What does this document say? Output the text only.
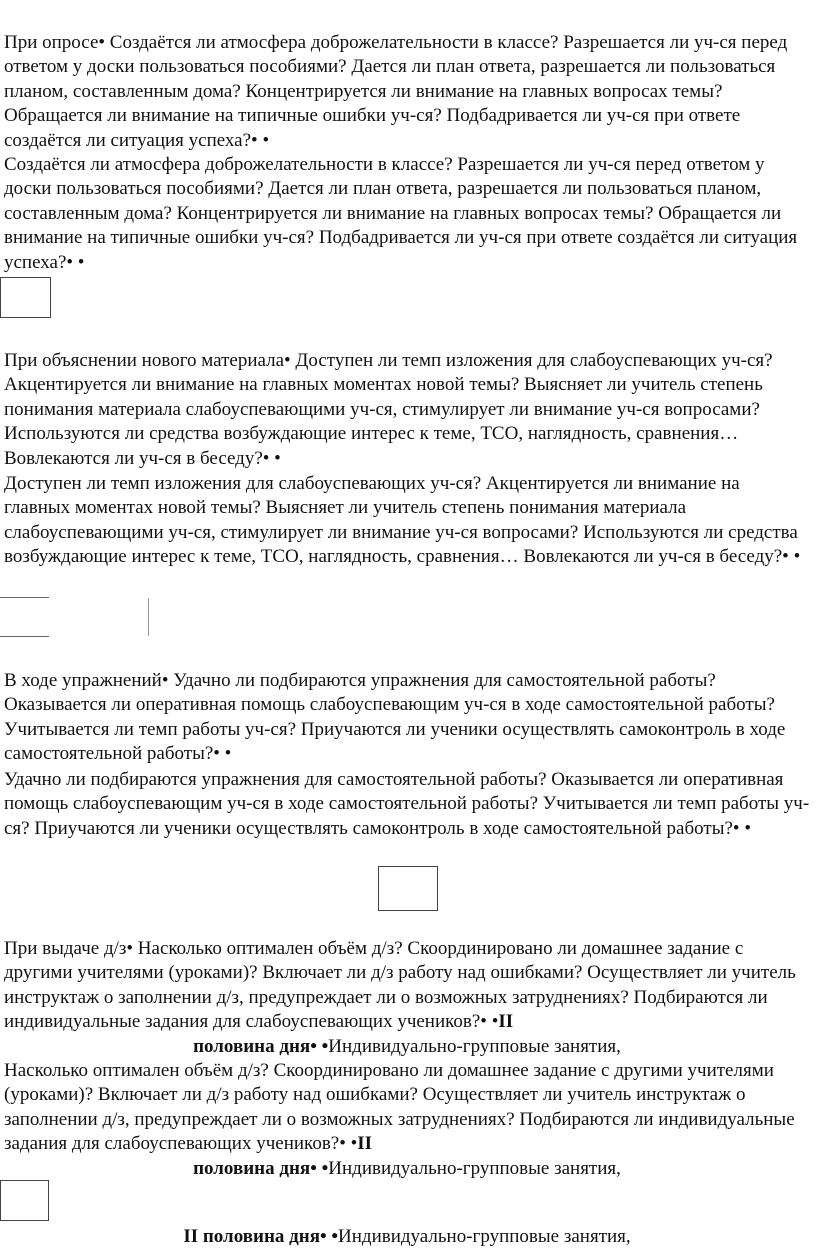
При опросе• Создаётся ли атмосфера доброжелательности в классе? Разрешается ли уч-ся перед ответом у доски пользоваться пособиями? Дается ли план ответа, разрешается ли пользоваться планом, составленным дома? Концентрируется ли внимание на главных вопросах темы? Обращается ли внимание на типичные ошибки уч-ся? Подбадривается ли уч-ся при ответе создаётся ли ситуация успеха?• •

Создаётся ли атмосфера доброжелательности в классе? Разрешается ли уч-ся перед ответом у доски пользоваться пособиями? Дается ли план ответа, разрешается ли пользоваться планом, составленным дома? Концентрируется ли внимание на главных вопросах темы? Обращается ли внимание на типичные ошибки уч-ся? Подбадривается ли уч-ся при ответе создаётся ли ситуация успеха?• •

При объяснении нового материала• Доступен ли темп изложения для слабоуспевающих уч-ся? Акцентируется ли внимание на главных моментах новой темы? Выясняет ли учитель степень понимания материала слабоуспевающими уч-ся, стимулирует ли внимание уч-ся вопросами? Используются ли средства возбуждающие интерес к теме, ТСО, наглядность, сравнения… Вовлекаются ли уч-ся в беседу?• •

Доступен ли темп изложения для слабоуспевающих уч-ся? Акцентируется ли внимание на главных моментах новой темы? Выясняет ли учитель степень понимания материала слабоуспевающими уч-ся, стимулирует ли внимание уч-ся вопросами? Используются ли средства возбуждающие интерес к теме, ТСО, наглядность, сравнения… Вовлекаются ли уч-ся в беседу?• •

В ходе упражнений• Удачно ли подбираются упражнения для самостоятельной работы? Оказывается ли оперативная помощь слабоуспевающим уч-ся в ходе самостоятельной работы? Учитывается ли темп работы уч-ся? Приучаются ли ученики осуществлять самоконтроль в ходе самостоятельной работы?• •

Удачно ли подбираются упражнения для самостоятельной работы? Оказывается ли оперативная помощь слабоуспевающим уч-ся в ходе самостоятельной работы? Учитывается ли темп работы уч-ся? Приучаются ли ученики осуществлять самоконтроль в ходе самостоятельной работы?• •

При выдаче д/з• Насколько оптимален объём д/з? Скоординировано ли домашнее задание с другими учителями (уроками)? Включает ли д/з работу над ошибками? Осуществляет ли учитель инструктаж о заполнении д/з, предупреждает ли о возможных затруднениях? Подбираются ли индивидуальные задания для слабоуспевающих учеников?• •II
половина дня• •Индивидуально-групповые занятия,
Насколько оптимален объём д/з? Скоординировано ли домашнее задание с другими учителями (уроками)? Включает ли д/з работу над ошибками? Осуществляет ли учитель инструктаж о заполнении д/з, предупреждает ли о возможных затруднениях? Подбираются ли индивидуальные задания для слабоуспевающих учеников?• •II
половина дня• •Индивидуально-групповые занятия,
II половина дня• •Индивидуально-групповые занятия,
